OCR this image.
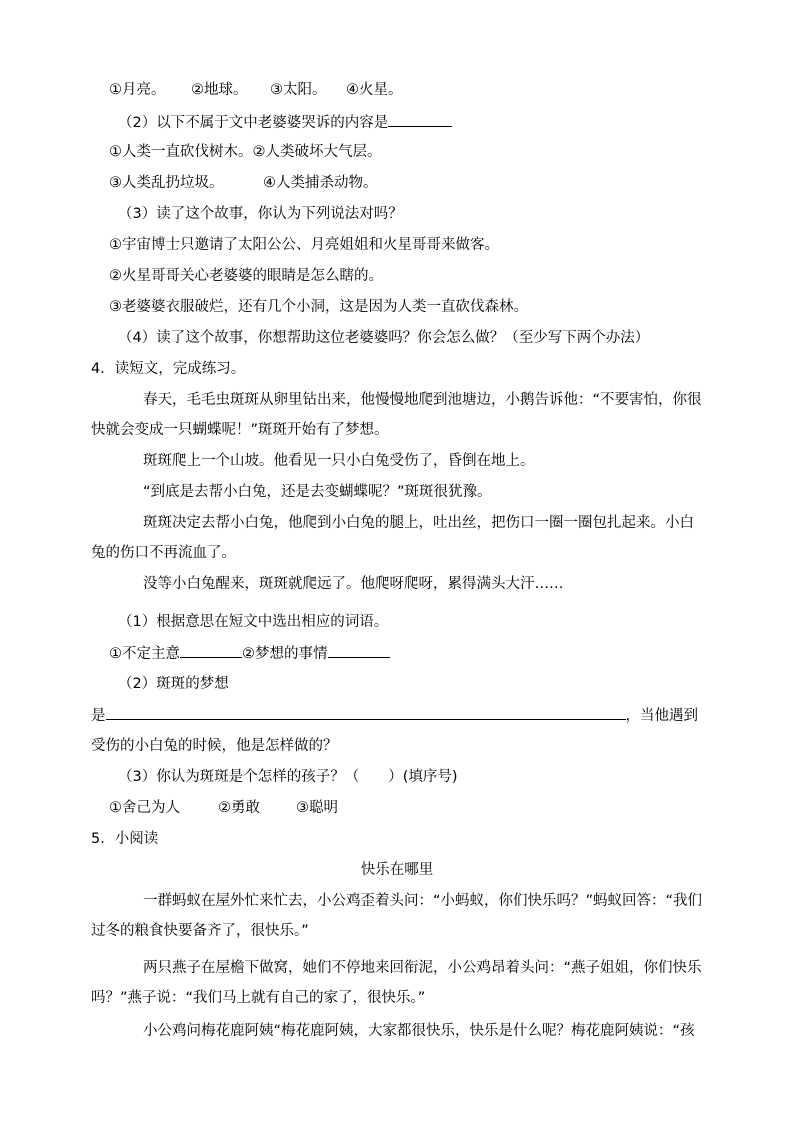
①月亮。 ②地球。 ③太阳。 ④火星。
（2）以下不属于文中老婆婆哭诉的内容是
①人类一直砍伐树木。②人类破坏大气层。
③人类乱扔垃圾。	④人类捕杀动物。
（3）读了这个故事，你认为下列说法对吗？
①宇宙博士只邀请了太阳公公、月亮姐姐和火星哥哥来做客。
②火星哥哥关心老婆婆的眼睛是怎么瞎的。
③老婆婆衣服破烂，还有几个小洞，这是因为人类一直砍伐森林。
（4）读了这个故事，你想帮助这位老婆婆吗？你会怎么做？（至少写下两个办法）
4．读短文，完成练习。
春天，毛毛虫斑斑从卵里钻出来，他慢慢地爬到池塘边，小鹅告诉他：“不要害怕，你很快就会变成一只蝴蝶呢！”斑斑开始有了梦想。
斑斑爬上一个山坡。他看见一只小白兔受伤了，昏倒在地上。
“到底是去帮小白兔，还是去变蝴蝶呢？”斑斑很犹豫。
斑斑决定去帮小白兔，他爬到小白兔的腿上，吐出丝，把伤口一圈一圈包扎起来。小白兔的伤口不再流血了。
没等小白兔醒来，斑斑就爬远了。他爬呀爬呀，累得满头大汗……
（1）根据意思在短文中选出相应的词语。
①不定主意	②梦想的事情
（2）斑斑的梦想
是	，当他遇到
受伤的小白兔的时候，他是怎样做的？
（3）你认为斑斑是个怎样的孩子？（　　）(填序号)
①舍己为人	②勇敢 ③聪明
5．小阅读
快乐在哪里
一群蚂蚁在屋外忙来忙去，小公鸡歪着头问：“小蚂蚁，你们快乐吗？”蚂蚁回答：“我们过冬的粮食快要备齐了，很快乐。”
两只燕子在屋檐下做窝，她们不停地来回衔泥，小公鸡昂着头问：“燕子姐姐，你们快乐吗？”燕子说：“我们马上就有自己的家了，很快乐。”
小公鸡问梅花鹿阿姨“梅花鹿阿姨，大家都很快乐，快乐是什么呢？梅花鹿阿姨说：“孩
